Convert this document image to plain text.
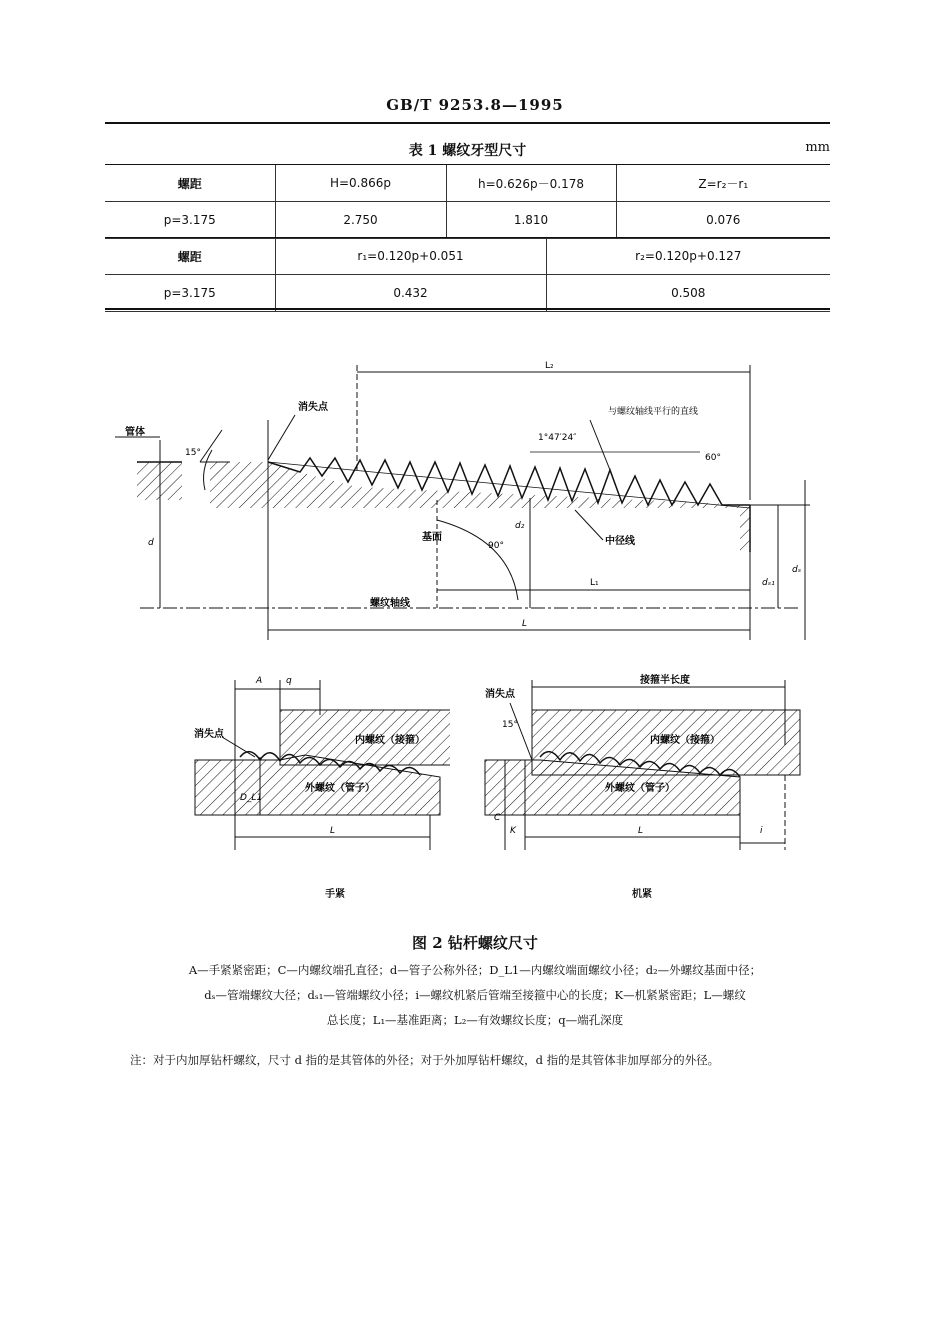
GB/T 9253.8—1995
表 1 螺纹牙型尺寸	mm
螺距	H=0.866p	h=0.626p－0.178	Z=r₂－r₁
p=3.175	2.750	1.810	0.076
螺距	r₁=0.120p+0.051	r₂=0.120p+0.127
p=3.175	0.432	0.508
L₂
管体
15°
消失点	与螺纹轴线平行的直线
1°47′24″
60°
d	基面
d₂
90°	中径线
L₁
螺纹轴线
dₛ₁
dₛ
L
A	q
内螺纹（接箍）
外螺纹（管子）
消失点
D_L1
L
手紧
接箍半长度
消失点
15°
内螺纹（接箍）
外螺纹（管子）
C
K	L	i
机紧
图 2 钻杆螺纹尺寸
A—手紧紧密距；C—内螺纹端孔直径；d—管子公称外径；D_L1—内螺纹端面螺纹小径；d₂—外螺纹基面中径；
dₛ—管端螺纹大径；dₛ₁—管端螺纹小径；i—螺纹机紧后管端至接箍中心的长度；K—机紧紧密距；L—螺纹
总长度；L₁—基准距离；L₂—有效螺纹长度；q—端孔深度
注：对于内加厚钻杆螺纹，尺寸 d 指的是其管体的外径；对于外加厚钻杆螺纹，d 指的是其管体非加厚部分的外径。
